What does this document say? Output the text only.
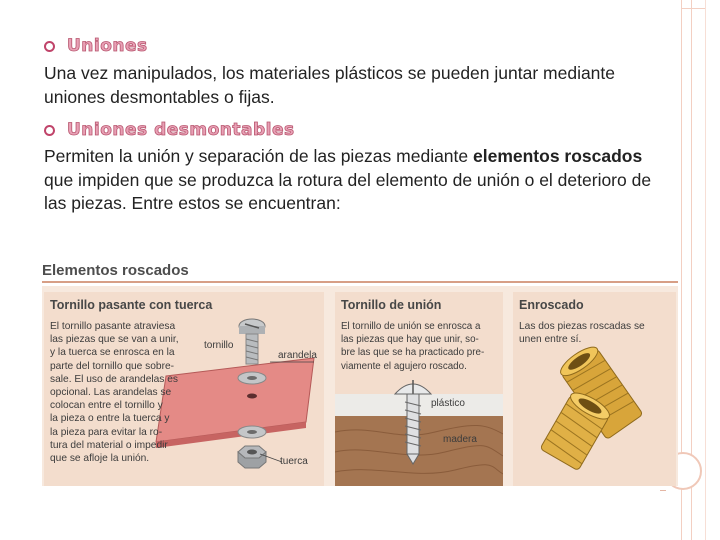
Uniones
Una vez manipulados, los materiales plásticos se pueden juntar mediante uniones desmontables o fijas.
Uniones desmontables
Permiten la unión y separación de las piezas mediante elementos roscados que impiden que se produzca la rotura del elemento de unión o el deterioro de las piezas. Entre estos se encuentran:
Elementos roscados
Tornillo pasante con tuerca
El tornillo pasante atraviesa
las piezas que se van a unir,
y la tuerca se enrosca en la
parte del tornillo que sobre-
sale. El uso de arandelas es
opcional. Las arandelas se
colocan entre el tornillo y
la pieza o entre la tuerca y
la pieza para evitar la ro-
tura del material o impedir
que se afloje la unión.
tornillo
arandela
tuerca
Tornillo de unión
El tornillo de unión se enrosca a
las piezas que hay que unir, so-
bre las que se ha practicado pre-
viamente el agujero roscado.
plástico
madera
Enroscado
Las dos piezas roscadas se
unen entre sí.
